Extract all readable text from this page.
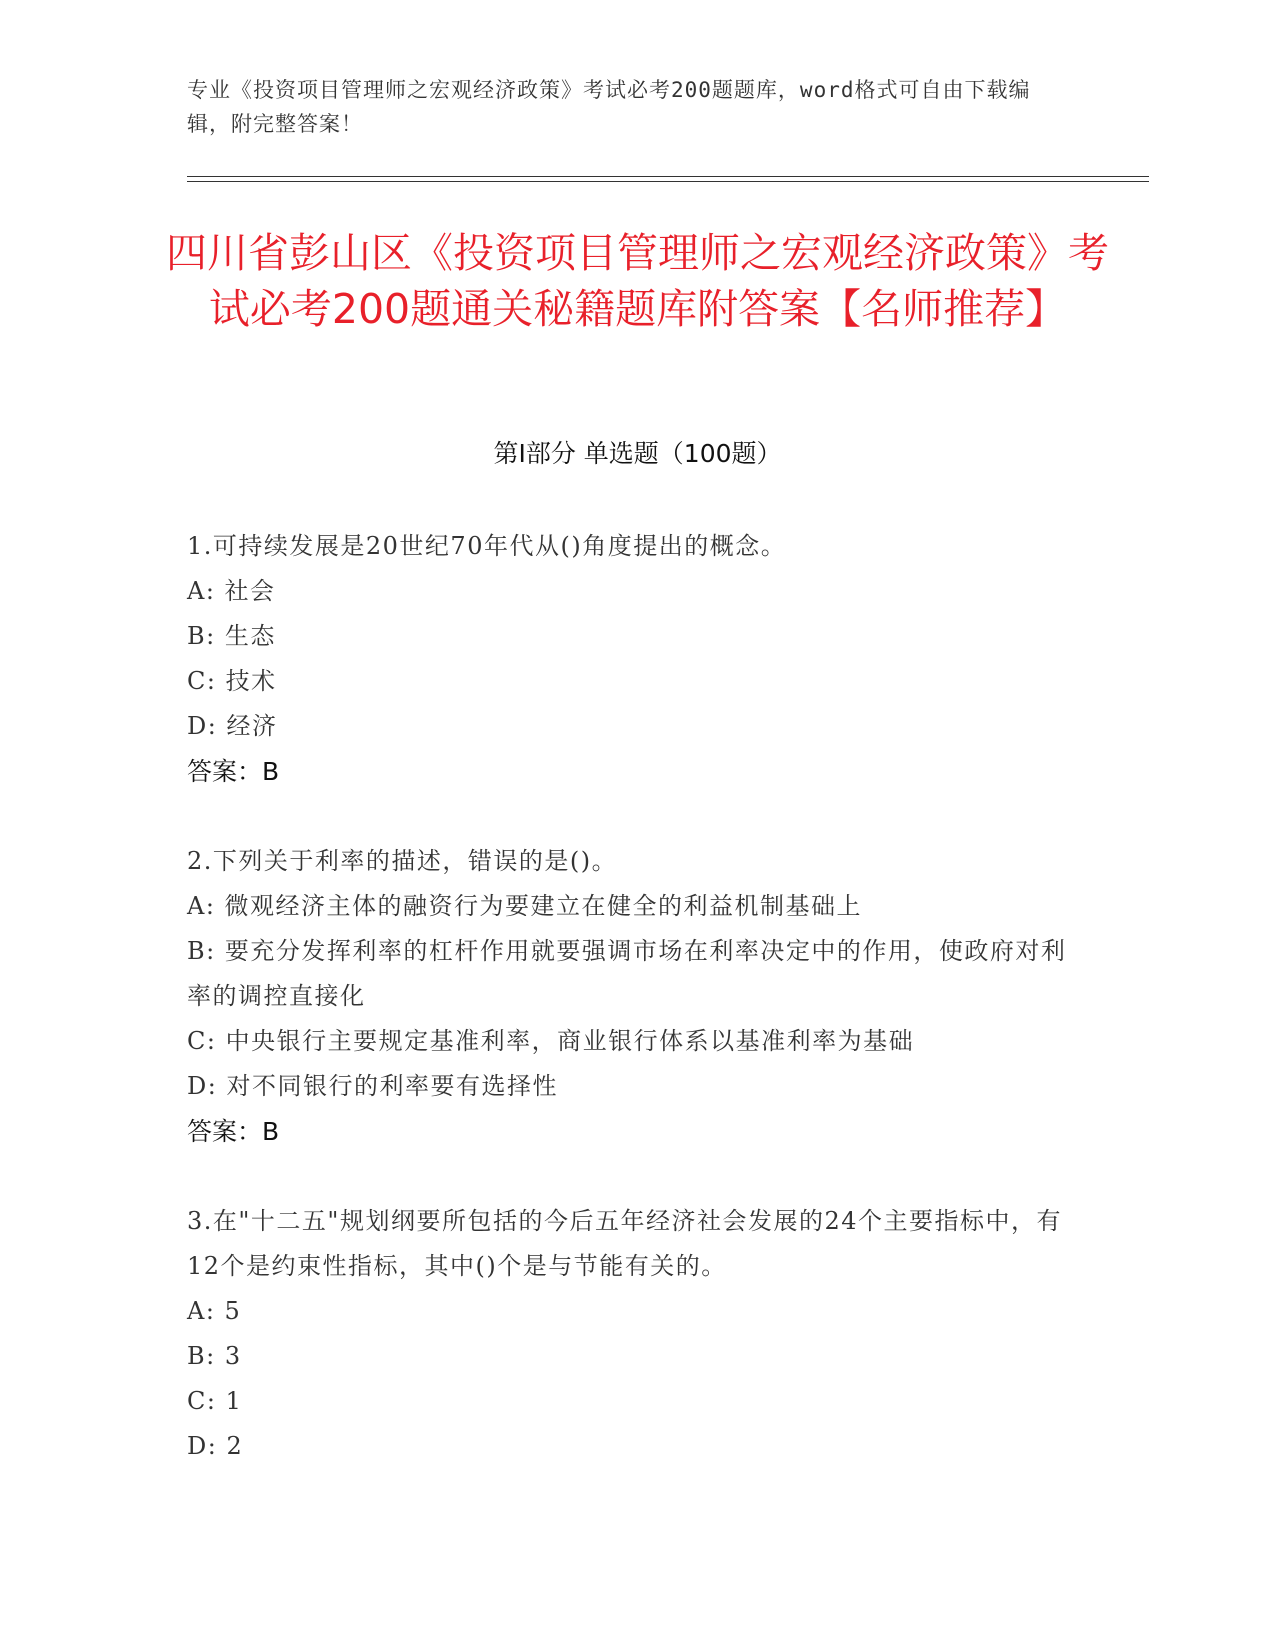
专业《投资项目管理师之宏观经济政策》考试必考200题题库，word格式可自由下载编辑，附完整答案！
四川省彭山区《投资项目管理师之宏观经济政策》考试必考200题通关秘籍题库附答案【名师推荐】
第I部分 单选题（100题）

1.可持续发展是20世纪70年代从()角度提出的概念。

A: 社会

B: 生态

C: 技术

D: 经济

答案：B

2.下列关于利率的描述，错误的是()。

A: 微观经济主体的融资行为要建立在健全的利益机制基础上

B: 要充分发挥利率的杠杆作用就要强调市场在利率决定中的作用，使政府对利率的调控直接化

C: 中央银行主要规定基准利率，商业银行体系以基准利率为基础

D: 对不同银行的利率要有选择性

答案：B

3.在"十二五"规划纲要所包括的今后五年经济社会发展的24个主要指标中，有12个是约束性指标，其中()个是与节能有关的。

A: 5

B: 3

C: 1

D: 2
